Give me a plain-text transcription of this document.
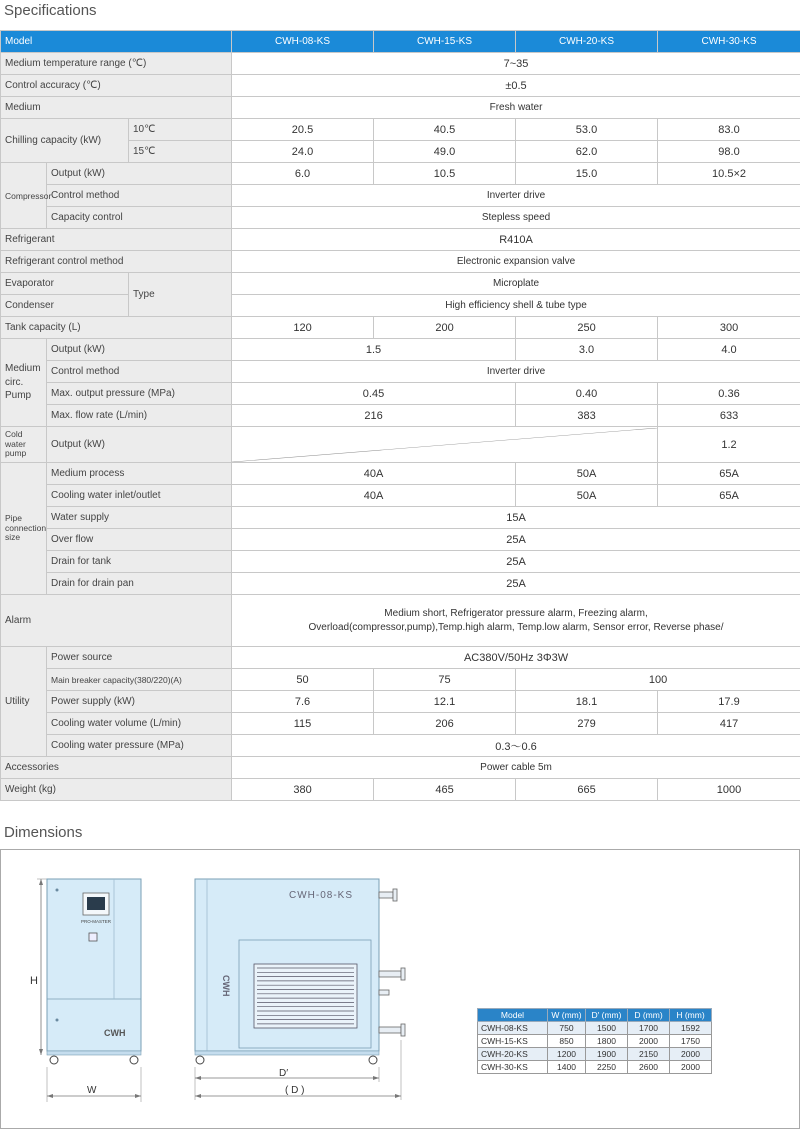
Specifications
Model			CWH-08-KS	CWH-15-KS	CWH-20-KS	CWH-30-KS
Medium temperature range (℃)			7~35			
Control accuracy (℃)			±0.5			
Medium			Fresh water			
Chilling capacity (kW)		10℃	20.5	40.5	53.0	83.0
		15℃	24.0	49.0	62.0	98.0
Compressor	Output (kW)		6.0	10.5	15.0	10.5×2
	Control method		Inverter drive			
	Capacity control		Stepless speed			
Refrigerant			R410A			
Refrigerant control method			Electronic expansion valve			
Evaporator		Type	Microplate			
Condenser			High efficiency shell & tube type			
Tank capacity (L)			120	200	250	300
Medium circ. Pump	Output (kW)		1.5		3.0	4.0
	Control method		Inverter drive			
	Max. output pressure (MPa)		0.45		0.40	0.36
	Max. flow rate (L/min)		216		383	633
Cold water pump	Output (kW)					1.2
Pipe connection size	Medium process		40A		50A	65A
	Cooling water inlet/outlet		40A		50A	65A
	Water supply		15A			
	Over flow		25A			
	Drain for tank		25A			
	Drain for drain pan		25A			
Alarm			Medium short, Refrigerator pressure alarm, Freezing alarm,
Overload(compressor,pump),Temp.high alarm, Temp.low alarm, Sensor error, Reverse phase/			

Utility	Power source		AC380V/50Hz 3Φ3W			
	Main breaker capacity(380/220)(A)		50	75	100	
	Power supply (kW)		7.6	12.1	18.1	17.9
	Cooling water volume (L/min)		115	206	279	417
	Cooling water pressure (MPa)		0.3～0.6			
Accessories			Power cable 5m			
Weight (kg)			380	465	665	1000
Dimensions
H
PRO-MASTER
CWH
W
CWH-08-KS
CWH
D′
( D )
Model	W (mm)	D′ (mm)	D (mm)	H (mm)
CWH-08-KS	750	1500	1700	1592
CWH-15-KS	850	1800	2000	1750
CWH-20-KS	1200	1900	2150	2000
CWH-30-KS	1400	2250	2600	2000
